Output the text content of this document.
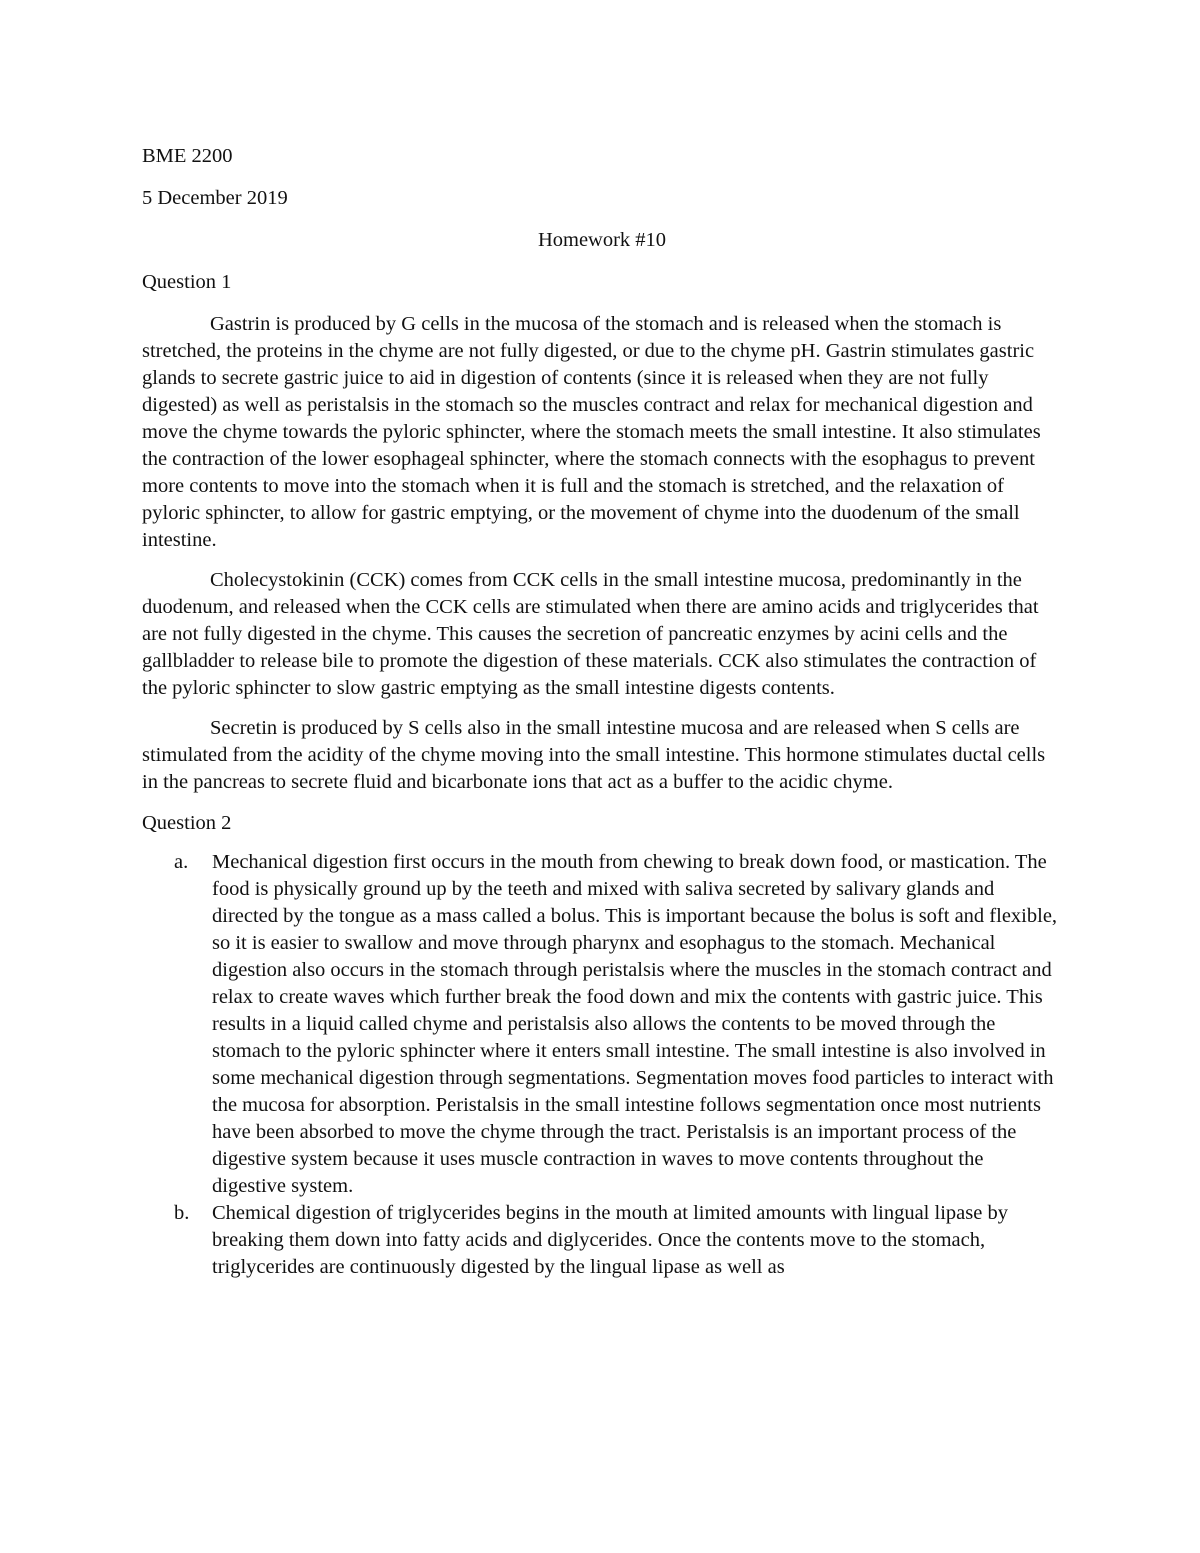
BME 2200
5 December 2019
Homework #10
Question 1

Gastrin is produced by G cells in the mucosa of the stomach and is released when the stomach is stretched, the proteins in the chyme are not fully digested, or due to the chyme pH. Gastrin stimulates gastric glands to secrete gastric juice to aid in digestion of contents (since it is released when they are not fully digested) as well as peristalsis in the stomach so the muscles contract and relax for mechanical digestion and move the chyme towards the pyloric sphincter, where the stomach meets the small intestine. It also stimulates the contraction of the lower esophageal sphincter, where the stomach connects with the esophagus to prevent more contents to move into the stomach when it is full and the stomach is stretched, and the relaxation of pyloric sphincter, to allow for gastric emptying, or the movement of chyme into the duodenum of the small intestine.

Cholecystokinin (CCK) comes from CCK cells in the small intestine mucosa, predominantly in the duodenum, and released when the CCK cells are stimulated when there are amino acids and triglycerides that are not fully digested in the chyme. This causes the secretion of pancreatic enzymes by acini cells and the gallbladder to release bile to promote the digestion of these materials. CCK also stimulates the contraction of the pyloric sphincter to slow gastric emptying as the small intestine digests contents.

Secretin is produced by S cells also in the small intestine mucosa and are released when S cells are stimulated from the acidity of the chyme moving into the small intestine. This hormone stimulates ductal cells in the pancreas to secrete fluid and bicarbonate ions that act as a buffer to the acidic chyme.

Question 2
a. Mechanical digestion first occurs in the mouth from chewing to break down food, or mastication. The food is physically ground up by the teeth and mixed with saliva secreted by salivary glands and directed by the tongue as a mass called a bolus. This is important because the bolus is soft and flexible, so it is easier to swallow and move through pharynx and esophagus to the stomach. Mechanical digestion also occurs in the stomach through peristalsis where the muscles in the stomach contract and relax to create waves which further break the food down and mix the contents with gastric juice. This results in a liquid called chyme and peristalsis also allows the contents to be moved through the stomach to the pyloric sphincter where it enters small intestine. The small intestine is also involved in some mechanical digestion through segmentations. Segmentation moves food particles to interact with the mucosa for absorption. Peristalsis in the small intestine follows segmentation once most nutrients have been absorbed to move the chyme through the tract. Peristalsis is an important process of the digestive system because it uses muscle contraction in waves to move contents throughout the digestive system.
b. Chemical digestion of triglycerides begins in the mouth at limited amounts with lingual lipase by breaking them down into fatty acids and diglycerides. Once the contents move to the stomach, triglycerides are continuously digested by the lingual lipase as well as
